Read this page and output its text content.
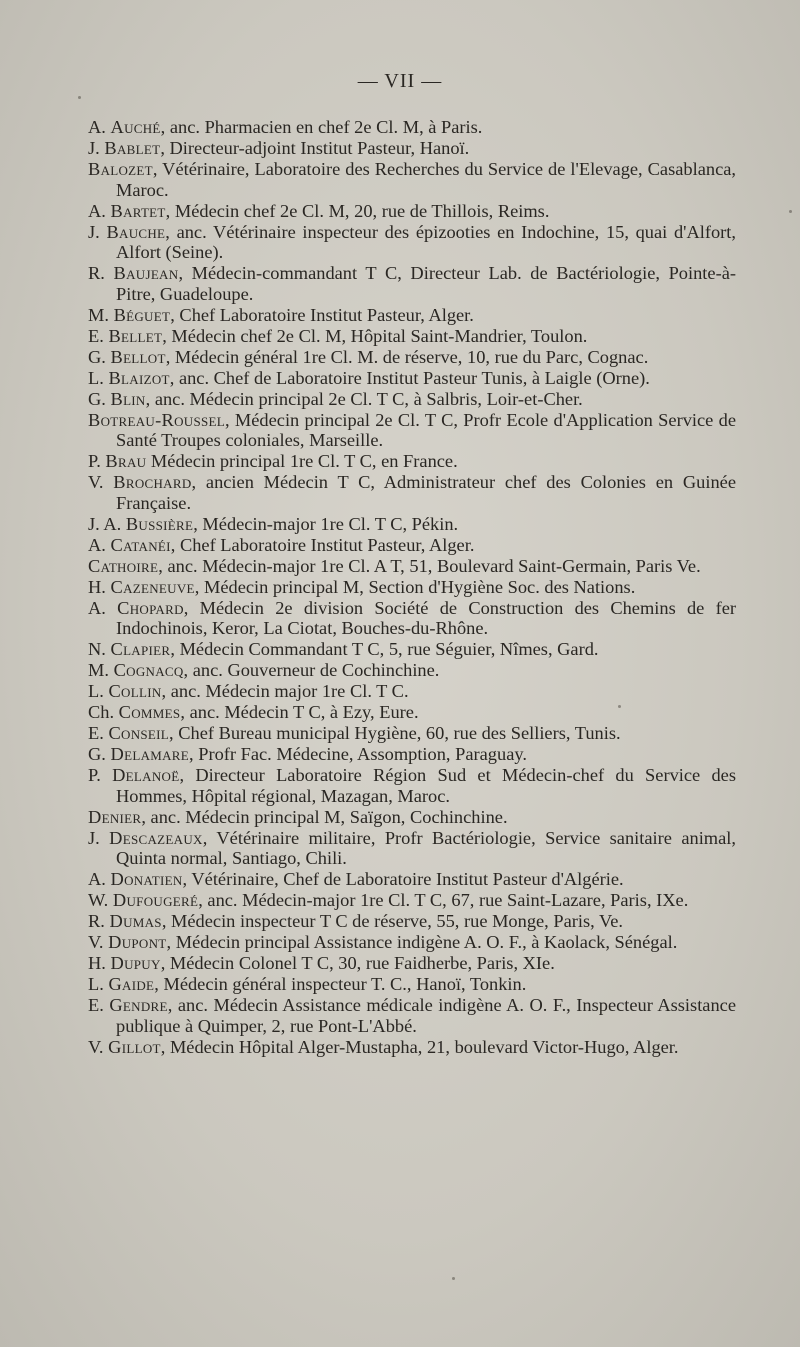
— VII —

A. Auché, anc. Pharmacien en chef 2e Cl. M, à Paris.

J. Bablet, Directeur-adjoint Institut Pasteur, Hanoï.

Balozet, Vétérinaire, Laboratoire des Recherches du Service de l'Elevage, Casablanca, Maroc.

A. Bartet, Médecin chef 2e Cl. M, 20, rue de Thillois, Reims.

J. Bauche, anc. Vétérinaire inspecteur des épizooties en Indochine, 15, quai d'Alfort, Alfort (Seine).

R. Baujean, Médecin-commandant T C, Directeur Lab. de Bactériologie, Pointe-à-Pitre, Guadeloupe.

M. Béguet, Chef Laboratoire Institut Pasteur, Alger.

E. Bellet, Médecin chef 2e Cl. M, Hôpital Saint-Mandrier, Toulon.

G. Bellot, Médecin général 1re Cl. M. de réserve, 10, rue du Parc, Cognac.

L. Blaizot, anc. Chef de Laboratoire Institut Pasteur Tunis, à Laigle (Orne).

G. Blin, anc. Médecin principal 2e Cl. T C, à Salbris, Loir-et-Cher.

Botreau-Roussel, Médecin principal 2e Cl. T C, Profr Ecole d'Application Service de Santé Troupes coloniales, Marseille.

P. Brau Médecin principal 1re Cl. T C, en France.

V. Brochard, ancien Médecin T C, Administrateur chef des Colonies en Guinée Française.

J. A. Bussière, Médecin-major 1re Cl. T C, Pékin.

A. Catanéi, Chef Laboratoire Institut Pasteur, Alger.

Cathoire, anc. Médecin-major 1re Cl. A T, 51, Boulevard Saint-Germain, Paris Ve.

H. Cazeneuve, Médecin principal M, Section d'Hygiène Soc. des Nations.

A. Chopard, Médecin 2e division Société de Construction des Chemins de fer Indochinois, Keror, La Ciotat, Bouches-du-Rhône.

N. Clapier, Médecin Commandant T C, 5, rue Séguier, Nîmes, Gard.

M. Cognacq, anc. Gouverneur de Cochinchine.

L. Collin, anc. Médecin major 1re Cl. T C.

Ch. Commes, anc. Médecin T C, à Ezy, Eure.

E. Conseil, Chef Bureau municipal Hygiène, 60, rue des Selliers, Tunis.

G. Delamare, Profr Fac. Médecine, Assomption, Paraguay.

P. Delanoë, Directeur Laboratoire Région Sud et Médecin-chef du Service des Hommes, Hôpital régional, Mazagan, Maroc.

Denier, anc. Médecin principal M, Saïgon, Cochinchine.

J. Descazeaux, Vétérinaire militaire, Profr Bactériologie, Service sanitaire animal, Quinta normal, Santiago, Chili.

A. Donatien, Vétérinaire, Chef de Laboratoire Institut Pasteur d'Algérie.

W. Dufougeré, anc. Médecin-major 1re Cl. T C, 67, rue Saint-Lazare, Paris, IXe.

R. Dumas, Médecin inspecteur T C de réserve, 55, rue Monge, Paris, Ve.

V. Dupont, Médecin principal Assistance indigène A. O. F., à Kaolack, Sénégal.

H. Dupuy, Médecin Colonel T C, 30, rue Faidherbe, Paris, XIe.

L. Gaide, Médecin général inspecteur T. C., Hanoï, Tonkin.

E. Gendre, anc. Médecin Assistance médicale indigène A. O. F., Inspecteur Assistance publique à Quimper, 2, rue Pont-L'Abbé.

V. Gillot, Médecin Hôpital Alger-Mustapha, 21, boulevard Victor-Hugo, Alger.
